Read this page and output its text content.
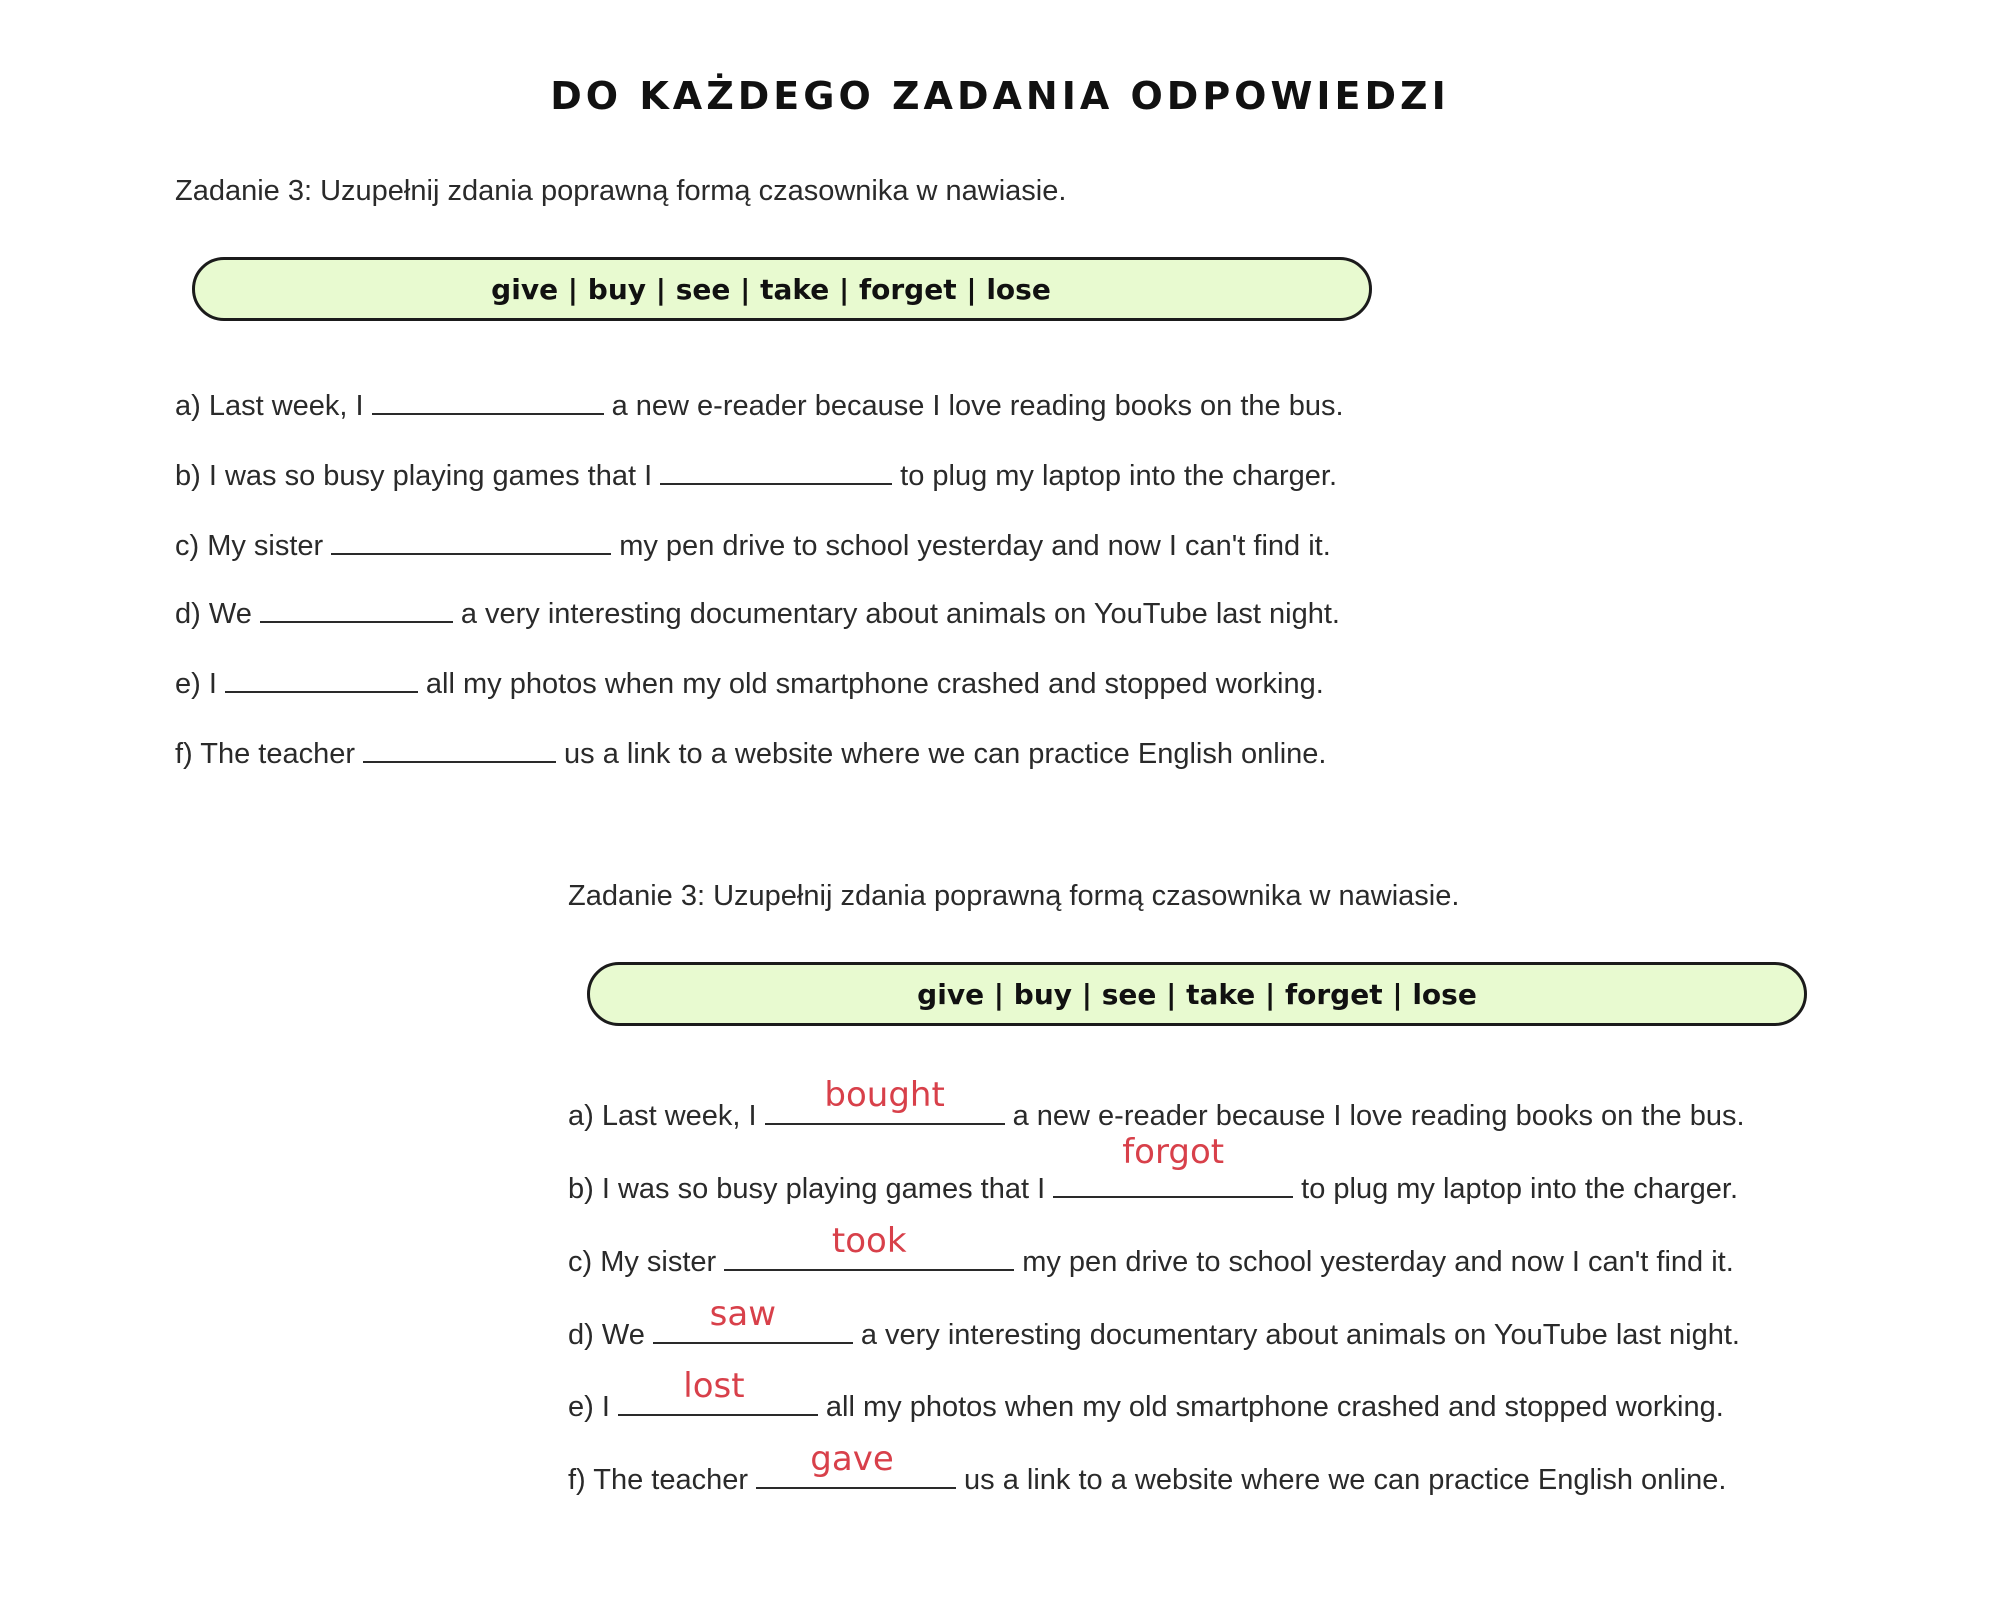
DO KAŻDEGO ZADANIA ODPOWIEDZI
Zadanie 3: Uzupełnij zdania poprawną formą czasownika w nawiasie.
give | buy | see | take | forget | lose
a) Last week, I	a new e-reader because I love reading books on the bus.
b) I was so busy playing games that I	to plug my laptop into the charger.
c) My sister	my pen drive to school yesterday and now I can't find it.
d) We	a very interesting documentary about animals on YouTube last night.
e) I	all my photos when my old smartphone crashed and stopped working.
f) The teacher	us a link to a website where we can practice English online.
Zadanie 3: Uzupełnij zdania poprawną formą czasownika w nawiasie.
give | buy | see | take | forget | lose
a) Last week, I
bought
a new e-reader because I love reading books on the bus.
b) I was so busy playing games that I
forgot
to plug my laptop into the charger.
c) My sister
took
my pen drive to school yesterday and now I can't find it.
d) We
saw
a very interesting documentary about animals on YouTube last night.
e) I
lost
all my photos when my old smartphone crashed and stopped working.
f) The teacher
gave
us a link to a website where we can practice English online.
